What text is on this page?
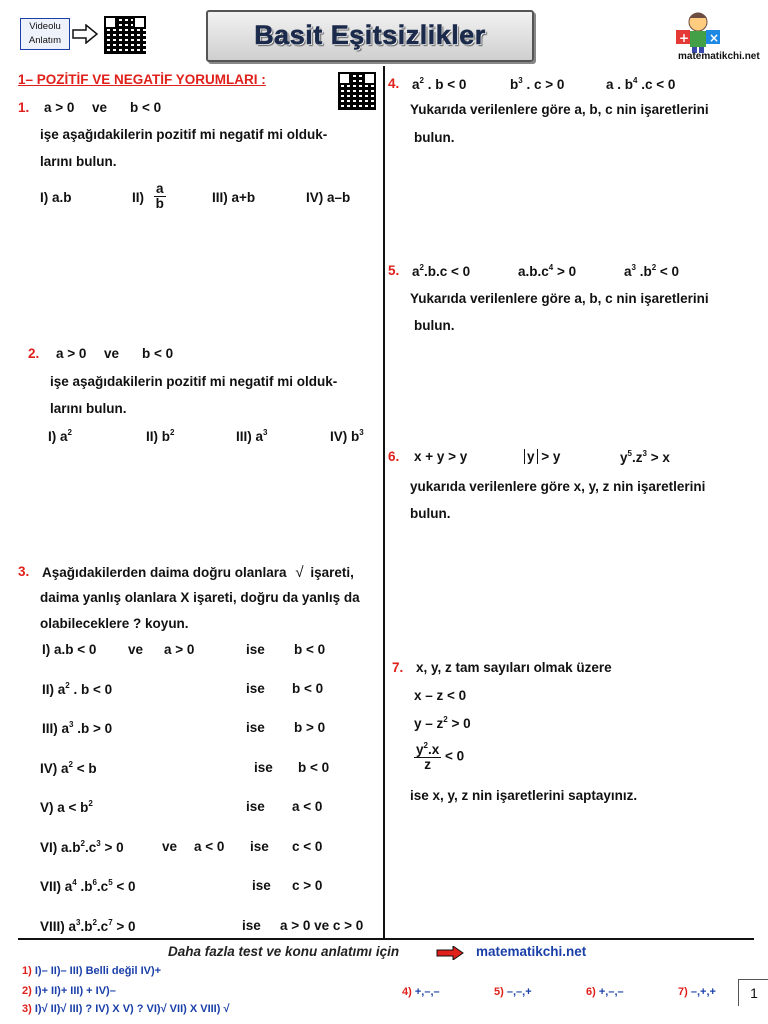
Videolu Anlatım	Basit Eşitsizlikler	+ ×
matematikchi.net
1– POZİTİF VE NEGATİF YORUMLARI :
1. a > 0 ve b < 0
işe aşağıdakilerin pozitif mi negatif mi olduk-
larını bulun.
I) a.b	$II) \frac{a}{b}$	III) a+b	IV) a–b
2. a > 0 ve b < 0
işe aşağıdakilerin pozitif mi negatif mi olduk-
larını bulun.
I) $a^2$	II) $b^2$	III) $a^3$	IV) $b^3$
3. Aşağıdakilerden daima doğru olanlara √ işareti,
daima yanlış olanlara X işareti, doğru da yanlış da
olabileceklere ? koyun.
I) a.b < 0 ve a > 0	ise b < 0
II) $a^2$ . b < 0	ise b < 0
III) $a^3$ .b > 0	ise b > 0
IV) $a^2 < b$	ise b < 0
V) $a < b^2$	ise a < 0
VI) $a.b^2.c^3 > 0$	ve a < 0 ise c < 0
VII) $a^4$ $.b^6.c^5 < 0$	ise c > 0
VIII) $a^3.b^2.c^7 > 0$	ise a > 0 ve c > 0
4. $a^2$ . b < 0	$b^3$ . c > 0	a . $b^4$ .c < 0
Yukarıda verilenlere göre a, b, c nin işaretlerini
bulun.
5. $a^2.b.c < 0$	$a.b.c^4 > 0$	$a^3$ $.b^2 < 0$
Yukarıda verilenlere göre a, b, c nin işaretlerini
bulun.
6. x + y > y	y > y	$y^5.z^3 > x$
yukarıda verilenlere göre x, y, z nin işaretlerini
bulun.
7. x, y, z tam sayıları olmak üzere
x – z < 0
$y - z^2 > 0$
$\frac{y^2.x}{z} < 0$
ise x, y, z nin işaretlerini saptayınız.
Daha fazla test ve konu anlatımı için	matematikchi.net
1) I)– II)– III) Belli değil IV)+
2) I)+ II)+ III) + IV)–
3) I)√ II)√ III) ? IV) X V) ? VI)√ VII) X VIII) √
4) +,–,–	5) –,–,+	6) +,–,–	7) –,+,+	1
